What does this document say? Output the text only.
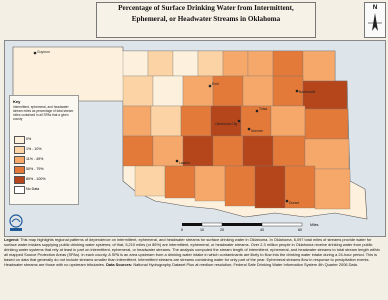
Percentage of Surface Drinking Water from Intermittent,
Ephemeral, or Headwater Streams in Oklahoma
N
Guymon
Enid
Bartlesville
Tulsa
Oklahoma City
Norman
Lawton
Durant
Key
Intermittent, ephemeral, and headwater stream miles as percentage of total stream miles contained in all SPAs that a given county
0%
1% - 10%
11% - 49%
50% - 79%
80% - 100%
No Data
0	10	20	40	60
Miles
Legend: This map highlights regional patterns of dependence on intermittent, ephemeral, and headwater streams for surface drinking water in Oklahoma. In Oklahoma, 6,097 total miles of streams provide water for surface water intakes supplying public drinking water systems; of that, 5,210 miles (or 85%) are intermittent, ephemeral, or headwater streams. Over 2.3 million people in Oklahoma receive drinking water from public drinking water systems that rely at least in part on intermittent, ephemeral, or headwater streams. The analysis computed the stream length of intermittent, ephemeral, and headwater streams to total stream length within all mapped Source Protection Areas (SPAs). In each county, A SPA is an area upstream from a drinking water intake in which contaminants are likely to flow into the drinking water intake during a 24-hour period. This is based on data that generally do not include streams smaller than intermittent. Intermittent streams are streams containing water for only part of the year. Ephemeral streams flow in response to precipitation events. Headwater streams are those with no upstream tributaries. Data Sources: National Hydrography Dataset Plus at medium resolution; Federal Safe Drinking Water Information System 4th Quarter 2006 Data.
